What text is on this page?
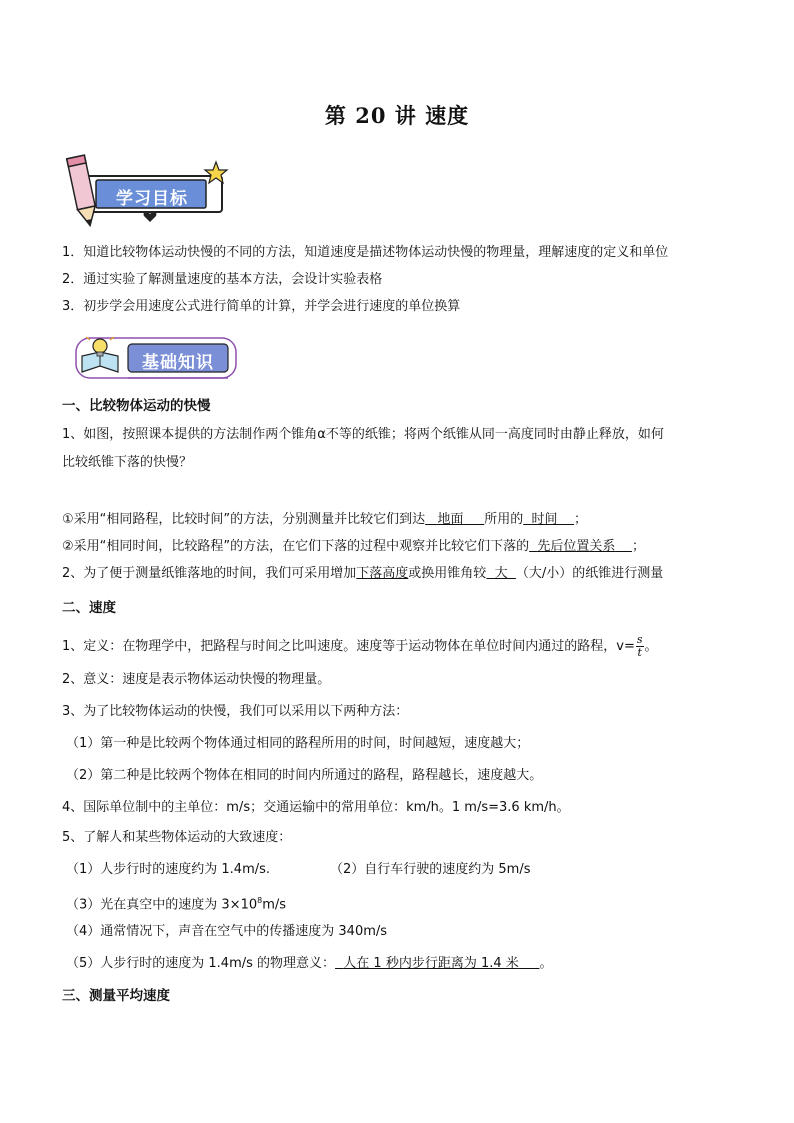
第 20 讲 速度
学习目标
1．知道比较物体运动快慢的不同的方法，知道速度是描述物体运动快慢的物理量，理解速度的定义和单位
2．通过实验了解测量速度的基本方法，会设计实验表格
3．初步学会用速度公式进行简单的计算，并学会进行速度的单位换算
基础知识
一、比较物体运动的快慢
1、如图，按照课本提供的方法制作两个锥角α不等的纸锥；将两个纸锥从同一高度同时由静止释放，如何
比较纸锥下落的快慢？
①采用“相同路程，比较时间”的方法，分别测量并比较它们到达 地面 所用的 时间 ；
②采用“相同时间，比较路程”的方法，在它们下落的过程中观察并比较它们下落的 先后位置关系 ；
2、为了便于测量纸锥落地的时间，我们可采用增加下落高度或换用锥角较 大 （大/小）的纸锥进行测量
二、速度
1、定义：在物理学中，把路程与时间之比叫速度。速度等于运动物体在单位时间内通过的路程，$v= \frac{s}{t}$ 。
2、意义：速度是表示物体运动快慢的物理量。
3、为了比较物体运动的快慢，我们可以采用以下两种方法：
（1）第一种是比较两个物体通过相同的路程所用的时间，时间越短，速度越大；
（2）第二种是比较两个物体在相同的时间内所通过的路程，路程越长，速度越大。
4、国际单位制中的主单位：m/s；交通运输中的常用单位：km/h。1 m/s=3.6 km/h。
5、了解人和某些物体运动的大致速度：
（1）人步行时的速度约为 1.4m/s.	（2）自行车行驶的速度约为 5m/s
（3）光在真空中的速度为 $3\times 10^8m/s$
（4）通常情况下，声音在空气中的传播速度为 340m/s
（5）人步行时的速度为 1.4m/s 的物理意义： 人在 1 秒内步行距离为 1.4 米 。
三、测量平均速度
